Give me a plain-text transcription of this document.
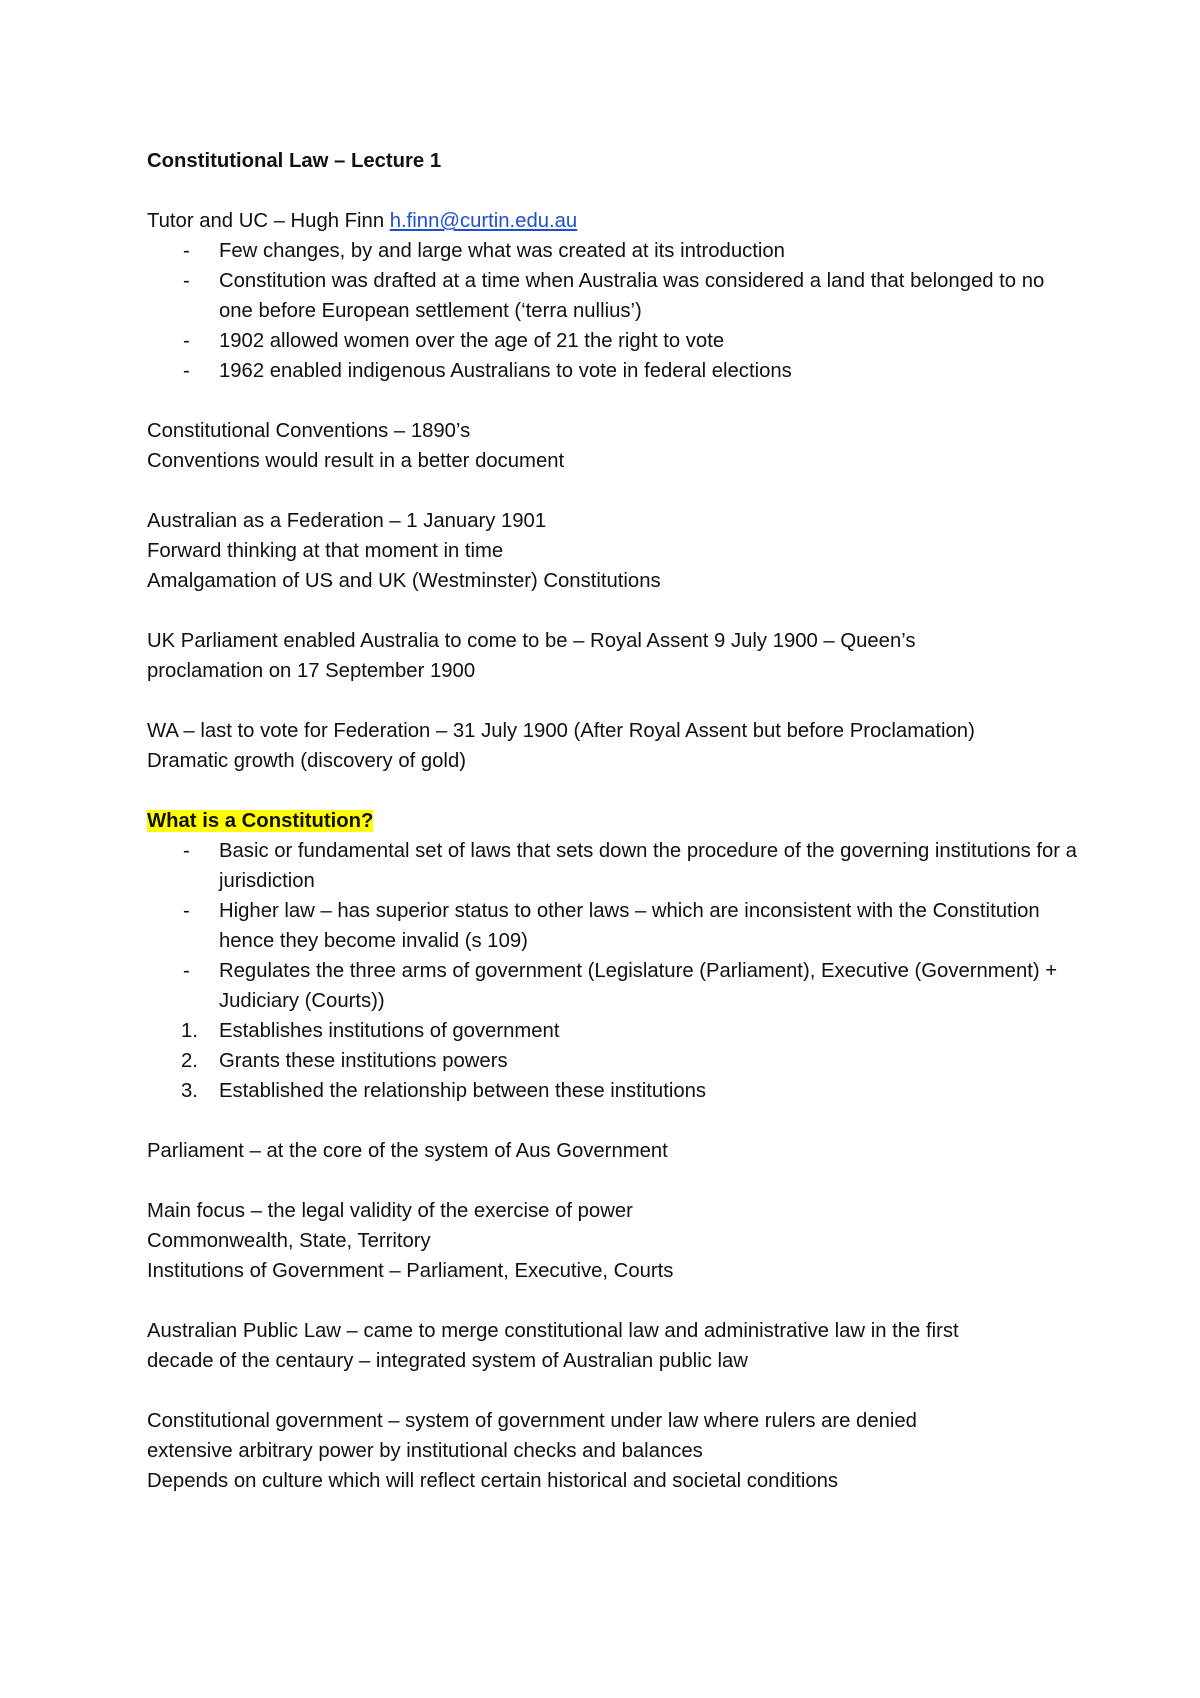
Constitutional Law – Lecture 1

Tutor and UC – Hugh Finn h.finn@curtin.edu.au

- Few changes, by and large what was created at its introduction
- Constitution was drafted at a time when Australia was considered a land that belonged to no one before European settlement (‘terra nullius’)
- 1902 allowed women over the age of 21 the right to vote
- 1962 enabled indigenous Australians to vote in federal elections

Constitutional Conventions – 1890’s

Conventions would result in a better document

Australian as a Federation – 1 January 1901

Forward thinking at that moment in time

Amalgamation of US and UK (Westminster) Constitutions

UK Parliament enabled Australia to come to be – Royal Assent 9 July 1900 – Queen’s

proclamation on 17 September 1900

WA – last to vote for Federation – 31 July 1900 (After Royal Assent but before Proclamation)

Dramatic growth (discovery of gold)

What is a Constitution?

- Basic or fundamental set of laws that sets down the procedure of the governing institutions for a jurisdiction
- Higher law – has superior status to other laws – which are inconsistent with the Constitution hence they become invalid (s 109)
- Regulates the three arms of government (Legislature (Parliament), Executive (Government) + Judiciary (Courts))
1. Establishes institutions of government
2. Grants these institutions powers
3. Established the relationship between these institutions

Parliament – at the core of the system of Aus Government

Main focus – the legal validity of the exercise of power

Commonwealth, State, Territory

Institutions of Government – Parliament, Executive, Courts

Australian Public Law – came to merge constitutional law and administrative law in the first

decade of the centaury – integrated system of Australian public law

Constitutional government – system of government under law where rulers are denied

extensive arbitrary power by institutional checks and balances

Depends on culture which will reflect certain historical and societal conditions
